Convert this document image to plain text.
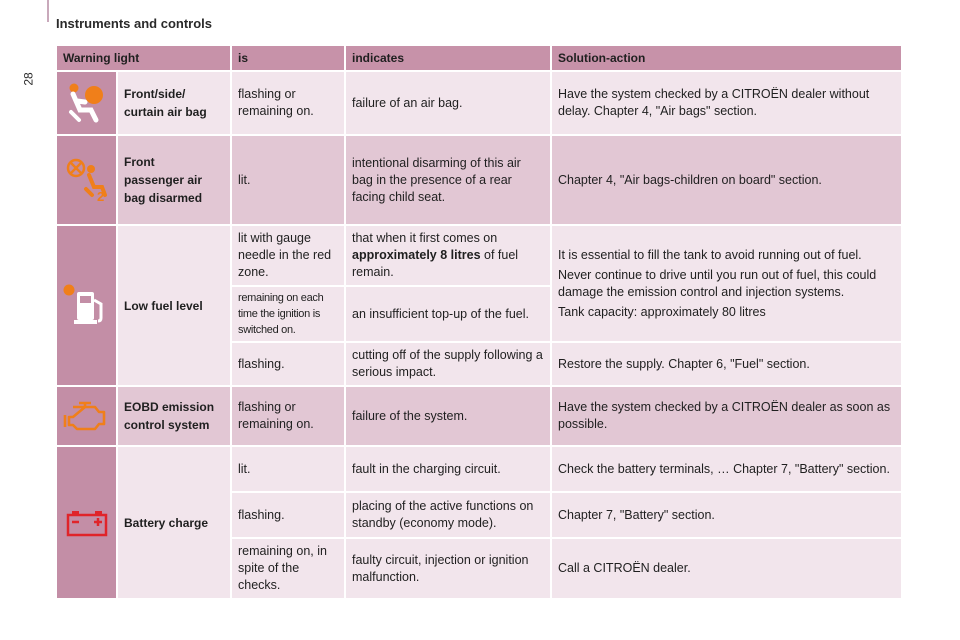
Instruments and controls
28
Warning light		is	indicates	Solution-action

	Front/side/
curtain air bag	flashing or remaining on.	failure of an air bag.	Have the system checked by a CITROËN dealer without delay. Chapter 4, "Air bags" section.

2	Front
passenger air
bag disarmed	lit.	intentional disarming of this air bag in the presence of a rear facing child seat.	Chapter 4, "Air bags-children on board" section.

	Low fuel level	lit with gauge needle in the red zone.	that when it first comes on approximately 8 litres of fuel remain.	It is essential to fill the tank to avoid running out of fuel.

Never continue to drive until you run out of fuel, this could damage the emission control and injection systems.

Tank capacity: approximately 80 litres

		remaining on each time the ignition is switched on.	an insufficient top-up of the fuel.	
		flashing.	cutting off of the supply following a serious impact.	Restore the supply. Chapter 6, "Fuel" section.

	EOBD emission
control system	flashing or remaining on.	failure of the system.	Have the system checked by a CITROËN dealer as soon as possible.

	Battery charge	lit.	fault in the charging circuit.	Check the battery terminals, … Chapter 7, "Battery" section.
		flashing.	placing of the active functions on standby (economy mode).	Chapter 7, "Battery" section.
		remaining on, in spite of the checks.	faulty circuit, injection or ignition malfunction.	Call a CITROËN dealer.
